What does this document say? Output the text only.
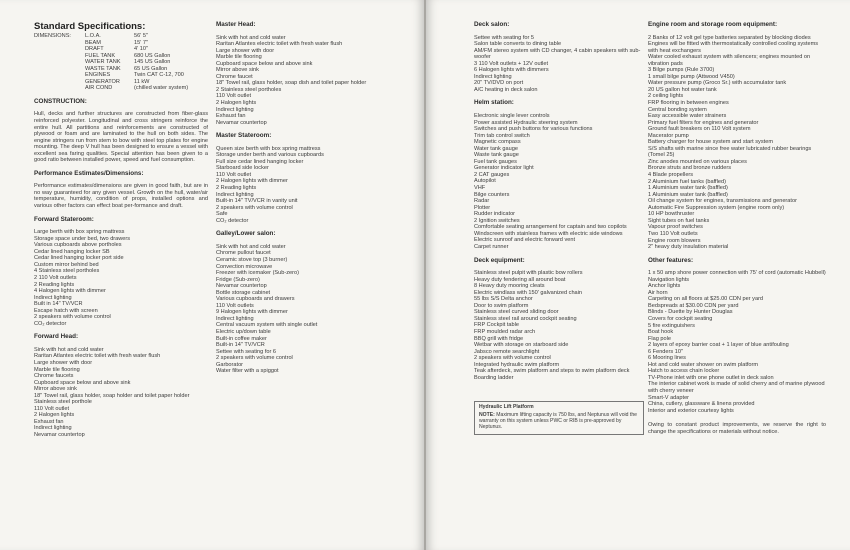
Standard Specifications:
DIMENSIONS:	L.O.A.	56' 5"
BEAM	15' 7"
DRAFT	4' 10"
FUEL TANK	680 US Gallon
WATER TANK	145 US Gallon
WASTE TANK	65 US Gallon
ENGINES	Twin CAT C-12, 700
GENERATOR	11 kW
AIR COND	(chilled water system)
CONSTRUCTION:
Hull, decks and further structures are constructed from fiber-glass reinforced polyester. Longitudinal and cross stringers reinforce the entire hull. All partitions and reinforcements are constructed of plywood or foam and are laminated to the hull on both sides. The engine stringers run from stem to bow with steel top plates for engine mounting. The deep V hull has been designed to ensure a vessel with excellent sea faring qualities. Special attention has been given to a good ratio between installed power, speed and fuel consumption.
Performance Estimates/Dimensions:
Performance estimates/dimensions are given in good faith, but are in no way guaranteed for any given vessel. Growth on the hull, water/air temperature, humidity, condition of props, installed options and various other factors can effect boat per-formance and draft.
Forward Stateroom:
Large berth with box spring mattress
Storage space under bed, two drawers
Various cupboards above portholes
Cedar lined hanging locker SB
Cedar lined hanging locker port side
Custom mirror behind bed
4 Stainless steel portholes
2 110 Volt outlets
2 Reading lights
4 Halogen lights with dimmer
Indirect lighting
Built in 14" TV/VCR
Escape hatch with screen
2 speakers with volume control
CO₂ detector
Forward Head:
Sink with hot and cold water
Raritan Atlantes electric toilet with fresh water flush
Large shower with door
Marble tile flooring
Chrome faucets
Cupboard space below and above sink
Mirror above sink
18" Towel rail, glass holder, soap holder and toilet paper holder
Stainless steel porthole
110 Volt outlet
2 Halogen lights
Exhaust fan
Indirect lighting
Nevamar countertop
Master Head:
Sink with hot and cold water
Raritan Atlantes electric toilet with fresh water flush
Large shower with door
Marble tile flooring
Cupboard space below and above sink
Mirror above sink
Chrome faucet
18" Towel rail, glass holder, soap dish and toilet paper holder
2 Stainless steel portholes
110 Volt outlet
2 Halogen lights
Indirect lighting
Exhaust fan
Nevamar countertop
Master Stateroom:
Queen size berth with box spring mattress
Storage under berth and various cupboards
Full size cedar lined hanging locker
Starboard side locker
110 Volt outlet
2 Halogen lights with dimmer
2 Reading lights
Indirect lighting
Built-in 14" TV/VCR in vanity unit
2 speakers with volume control
Safe
CO₂ detector
Galley/Lower salon:
Sink with hot and cold water
Chrome pullout faucet
Ceramic stove top (3 burner)
Convection microwave
Freezer with icemaker (Sub-zero)
Fridge (Sub-zero)
Nevamar countertop
Bottle storage cabinet
Various cupboards and drawers
110 Volt outlets
9 Halogen lights with dimmer
Indirect lighting
Central vacuum system with single outlet
Electric up/down table
Built-in coffee maker
Built-in 14" TV/VCR
Settee with seating for 6
2 speakers with volume control
Garborator
Water filter with a spiggot
Deck salon:
Settee with seating for 5
Salon table converts to dining table
AM/FM stereo system with CD changer, 4 cabin speakers with sub-woofer
3 110 Volt outlets + 12V outlet
6 Halogen lights with dimmers
Indirect lighting
20" TV/DVD on port
A/C heating in deck salon
Helm station:
Electronic single lever controls
Power assisted Hydraulic steering system
Switches and push buttons for various functions
Trim tab control switch
Magnetic compass
Water tank gauge
Waste tank gauge
Fuel tank gauges
Generator indicator light
2 CAT gauges
Autopilot
VHF
Bilge counters
Radar
Plotter
Rudder indicator
2 Ignition switches
Comfortable seating arrangement for captain and two copilots
Windscreen with stainless frames with electric side windows
Electric sunroof and electric forward vent
Carpet runner
Deck equipment:
Stainless steel pulpit with plastic bow rollers
Heavy duty fendering all around boat
8 Heavy duty mooring cleats
Electric windlass with 150' galvanized chain
55 lbs S/S Delta anchor
Door to swim platform
Stainless steel curved sliding door
Stainless steel rail around cockpit seating
FRP Cockpit table
FRP moulded radar arch
BBQ grill with fridge
Wetbar with storage on starboard side
Jabsco remote searchlight
2 speakers with volume control
Integrated hydraulic swim platform
Teak afterdeck, swim platform and steps to swim platform deck
Boarding ladder
Hydraulic Lift Platform
NOTE: Maximum lifting capacity is 750 lbs, and Neptunus will void the warranty on this system unless PWC or RIB is pre-approved by Neptunus.
Engine room and storage room equipment:
2 Banks of 12 volt gel type batteries separated by blocking diodes
Engines will be fitted with thermostatically controlled cooling systems with heat exchangers
Water cooled exhaust system with silencers; engines mounted on vibration pads
3 Bilge pumps (Rule 3700)
1 small bilge pump (Attwood V450)
Water pressure pump (Groco Sr.) with accumulator tank
20 US gallon hot water tank
2 ceiling lights
FRP flooring in between engines
Central bonding system
Easy accessible water strainers
Primary fuel filters for engines and generator
Ground fault breakers on 110 Volt system
Macerator pump
Battery charger for house system and start system
S/S shafts with marine since free water lubricated rubber bearings (Tomel 25)
Zinc anodes mounted on various places
Bronze struts and bronze rudders
4 Blade propellers
2 Aluminium fuel tanks (baffled)
1 Aluminium water tank (baffled)
1 Aluminium water tank (baffled)
Oil change system for engines, transmissions and generator
Automatic Fire Suppression system (engine room only)
10 HP bowthruster
Sight tubes on fuel tanks
Vapour proof switches
Two 110 Volt outlets
Engine room blowers
2" heavy duty insulation material
Other features:
1 x 50 amp shore power connection with 75' of cord (automatic Hubbell)
Navigation lights
Anchor lights
Air horn
Carpeting on all floors at $25.00 CDN per yard
Bedspreads at $30.00 CDN per yard
Blinds - Duette by Hunter Douglas
Covers for cockpit seating
5 fire extinguishers
Boat hook
Flag pole
2 layers of epoxy barrier coat + 1 layer of blue antifouling
6 Fenders 10"
6 Mooring lines
Hot and cold water shower on swim platform
Hatch to access chain locker
TV-Phone inlet with one phone outlet in deck salon
The interior cabinet work is made of solid cherry and of marine plywood with cherry veneer
Smart-V adapter
China, cutlery, glassware & linens provided
Interior and exterior courtesy lights
Owing to constant product improvements, we reserve the right to change the specifications or materials without notice.
